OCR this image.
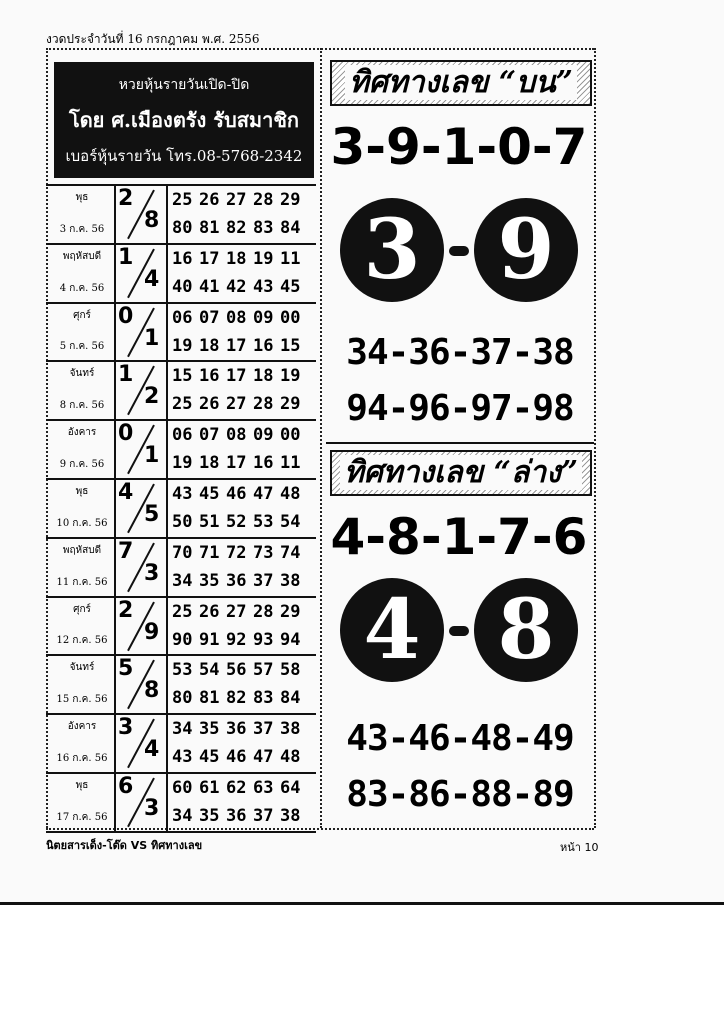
งวดประจำวันที่ 16 กรกฎาคม พ.ศ. 2556
หวยหุ้นรายวันเปิด-ปิด
โดย ศ.เมืองตรัง รับสมาชิก
เบอร์หุ้นรายวัน โทร.08-5768-2342
พุธ
3 ก.ค. 56
2
8
25 26 27 28 29
80 81 82 83 84
พฤหัสบดี
4 ก.ค. 56
1
4
16 17 18 19 11
40 41 42 43 45
ศุกร์
5 ก.ค. 56
0
1
06 07 08 09 00
19 18 17 16 15
จันทร์
8 ก.ค. 56
1
2
15 16 17 18 19
25 26 27 28 29
อังคาร
9 ก.ค. 56
0
1
06 07 08 09 00
19 18 17 16 11
พุธ
10 ก.ค. 56
4
5
43 45 46 47 48
50 51 52 53 54
พฤหัสบดี
11 ก.ค. 56
7
3
70 71 72 73 74
34 35 36 37 38
ศุกร์
12 ก.ค. 56
2
9
25 26 27 28 29
90 91 92 93 94
จันทร์
15 ก.ค. 56
5
8
53 54 56 57 58
80 81 82 83 84
อังคาร
16 ก.ค. 56
3
4
34 35 36 37 38
43 45 46 47 48
พุธ
17 ก.ค. 56
6
3
60 61 62 63 64
34 35 36 37 38
ทิศทางเลข “บน”
3-9-1-0-7
3 9
34-36-37-38
94-96-97-98
ทิศทางเลข “ล่าง”
4-8-1-7-6
4 8
43-46-48-49
83-86-88-89
นิตยสารเด็ง-โต๊ด VS ทิศทางเลข	หน้า 10
